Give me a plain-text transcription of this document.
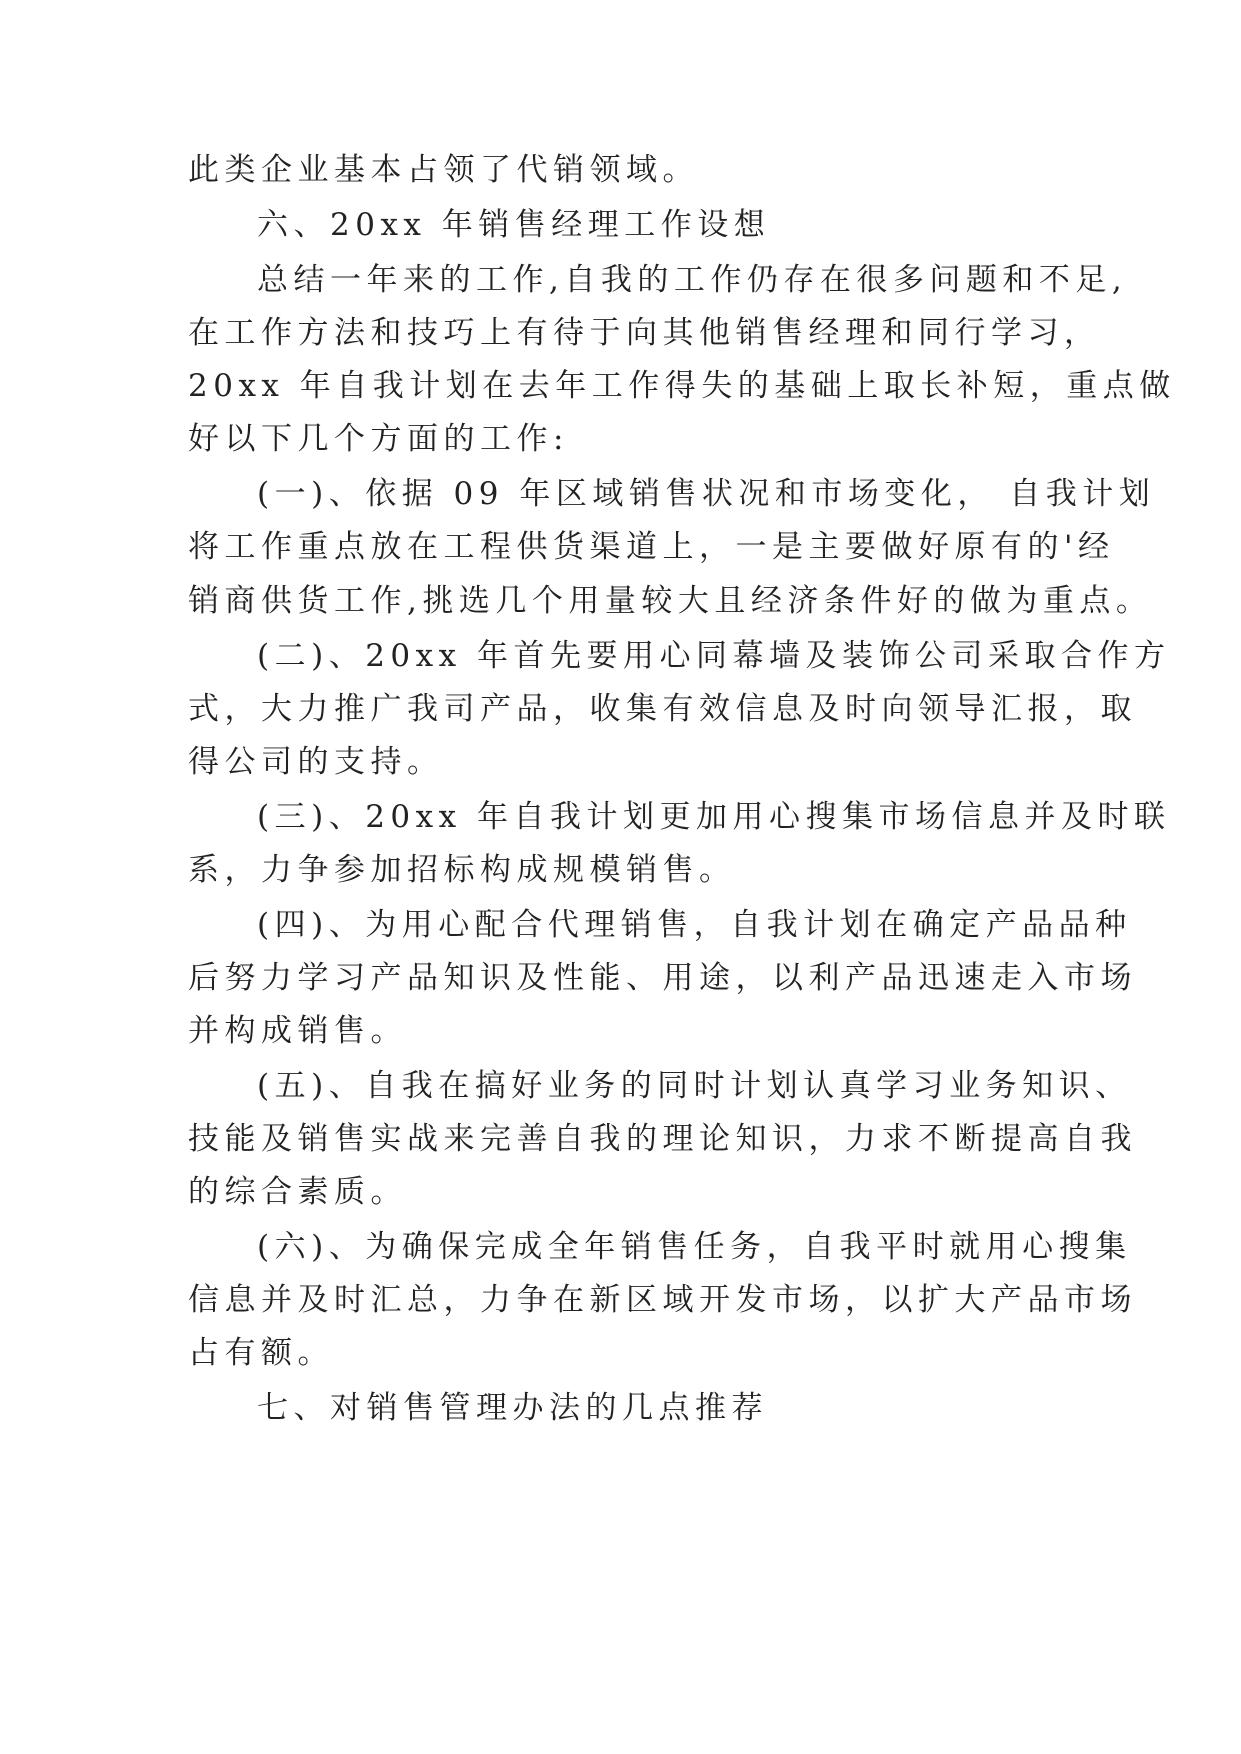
此类企业基本占领了代销领域。

六、20xx 年销售经理工作设想

总结一年来的工作,自我的工作仍存在很多问题和不足,

在工作方法和技巧上有待于向其他销售经理和同行学习，

20xx 年自我计划在去年工作得失的基础上取长补短，重点做

好以下几个方面的工作:

(一)、依据 09 年区域销售状况和市场变化， 自我计划

将工作重点放在工程供货渠道上，一是主要做好原有的'经

销商供货工作,挑选几个用量较大且经济条件好的做为重点。

(二)、20xx 年首先要用心同幕墙及装饰公司采取合作方

式，大力推广我司产品，收集有效信息及时向领导汇报，取

得公司的支持。

(三)、20xx 年自我计划更加用心搜集市场信息并及时联

系，力争参加招标构成规模销售。

(四)、为用心配合代理销售，自我计划在确定产品品种

后努力学习产品知识及性能、用途，以利产品迅速走入市场

并构成销售。

(五)、自我在搞好业务的同时计划认真学习业务知识、

技能及销售实战来完善自我的理论知识，力求不断提高自我

的综合素质。

(六)、为确保完成全年销售任务，自我平时就用心搜集

信息并及时汇总，力争在新区域开发市场，以扩大产品市场

占有额。

七、对销售管理办法的几点推荐
